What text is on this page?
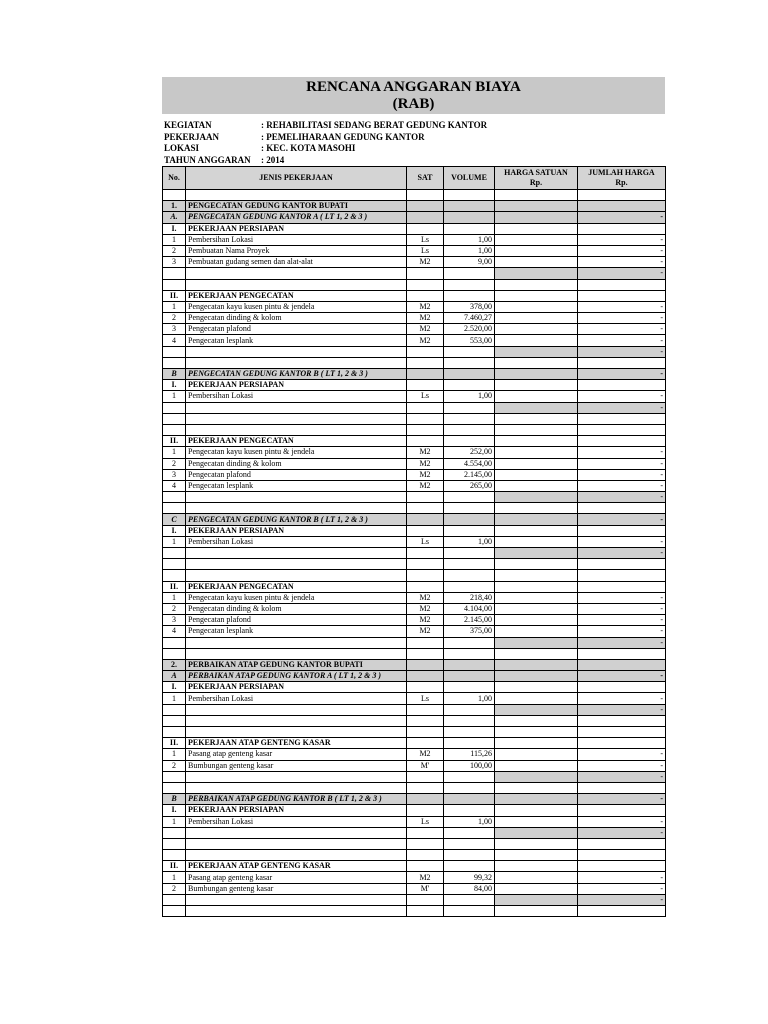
RENCANA ANGGARAN BIAYA
(RAB)
KEGIATAN	: REHABILITASI SEDANG BERAT GEDUNG KANTOR
PEKERJAAN	: PEMELIHARAAN GEDUNG KANTOR
LOKASI	: KEC. KOTA MASOHI
TAHUN ANGGARAN : 2014
No.	JENIS PEKERJAAN	SAT	VOLUME	HARGA SATUAN
Rp.	JUMLAH HARGA
Rp.

1.	PENGECATAN GEDUNG KANTOR BUPATI				
A.	PENGECATAN GEDUNG KANTOR A ( LT 1, 2 & 3 )				-
I.	PEKERJAAN PERSIAPAN				
1	Pembersihan Lokasi	Ls	1,00		-
2	Pembuatan Nama Proyek	Ls	1,00		-
3	Pembuatan gudang semen dan alat-alat	M2	9,00		-
					-

II.	PEKERJAAN PENGECATAN				
1	Pengecatan kayu kusen pintu & jendela	M2	378,00		-
2	Pengecatan dinding & kolom	M2	7.460,27		-
3	Pengecatan plafond	M2	2.520,00		-
4	Pengecatan lesplank	M2	553,00		-
					-

B	PENGECATAN GEDUNG KANTOR B ( LT 1, 2 & 3 )				-
I.	PEKERJAAN PERSIAPAN				
1	Pembersihan Lokasi	Ls	1,00		-
					-

II.	PEKERJAAN PENGECATAN				
1	Pengecatan kayu kusen pintu & jendela	M2	252,00		-
2	Pengecatan dinding & kolom	M2	4.554,00		-
3	Pengecatan plafond	M2	2.145,00		-
4	Pengecatan lesplank	M2	265,00		-
					-

C	PENGECATAN GEDUNG KANTOR B ( LT 1, 2 & 3 )				-
I.	PEKERJAAN PERSIAPAN				
1	Pembersihan Lokasi	Ls	1,00		-
					-

II.	PEKERJAAN PENGECATAN				
1	Pengecatan kayu kusen pintu & jendela	M2	218,40		-
2	Pengecatan dinding & kolom	M2	4.104,00		-
3	Pengecatan plafond	M2	2.145,00		-
4	Pengecatan lesplank	M2	375,00		-
					-

2.	PERBAIKAN ATAP GEDUNG KANTOR BUPATI				
A	PERBAIKAN ATAP GEDUNG KANTOR A ( LT 1, 2 & 3 )				-
I.	PEKERJAAN PERSIAPAN				
1	Pembersihan Lokasi	Ls	1,00		-
					-

II.	PEKERJAAN ATAP GENTENG KASAR				
1	Pasang atap genteng kasar	M2	115,26		-
2	Bumbungan genteng kasar	M'	100,00		-
					-

B	PERBAIKAN ATAP GEDUNG KANTOR B ( LT 1, 2 & 3 )				-
I.	PEKERJAAN PERSIAPAN				
1	Pembersihan Lokasi	Ls	1,00		-
					-

II.	PEKERJAAN ATAP GENTENG KASAR				
1	Pasang atap genteng kasar	M2	99,32		-
2	Bumbungan genteng kasar	M'	84,00		-
					-
